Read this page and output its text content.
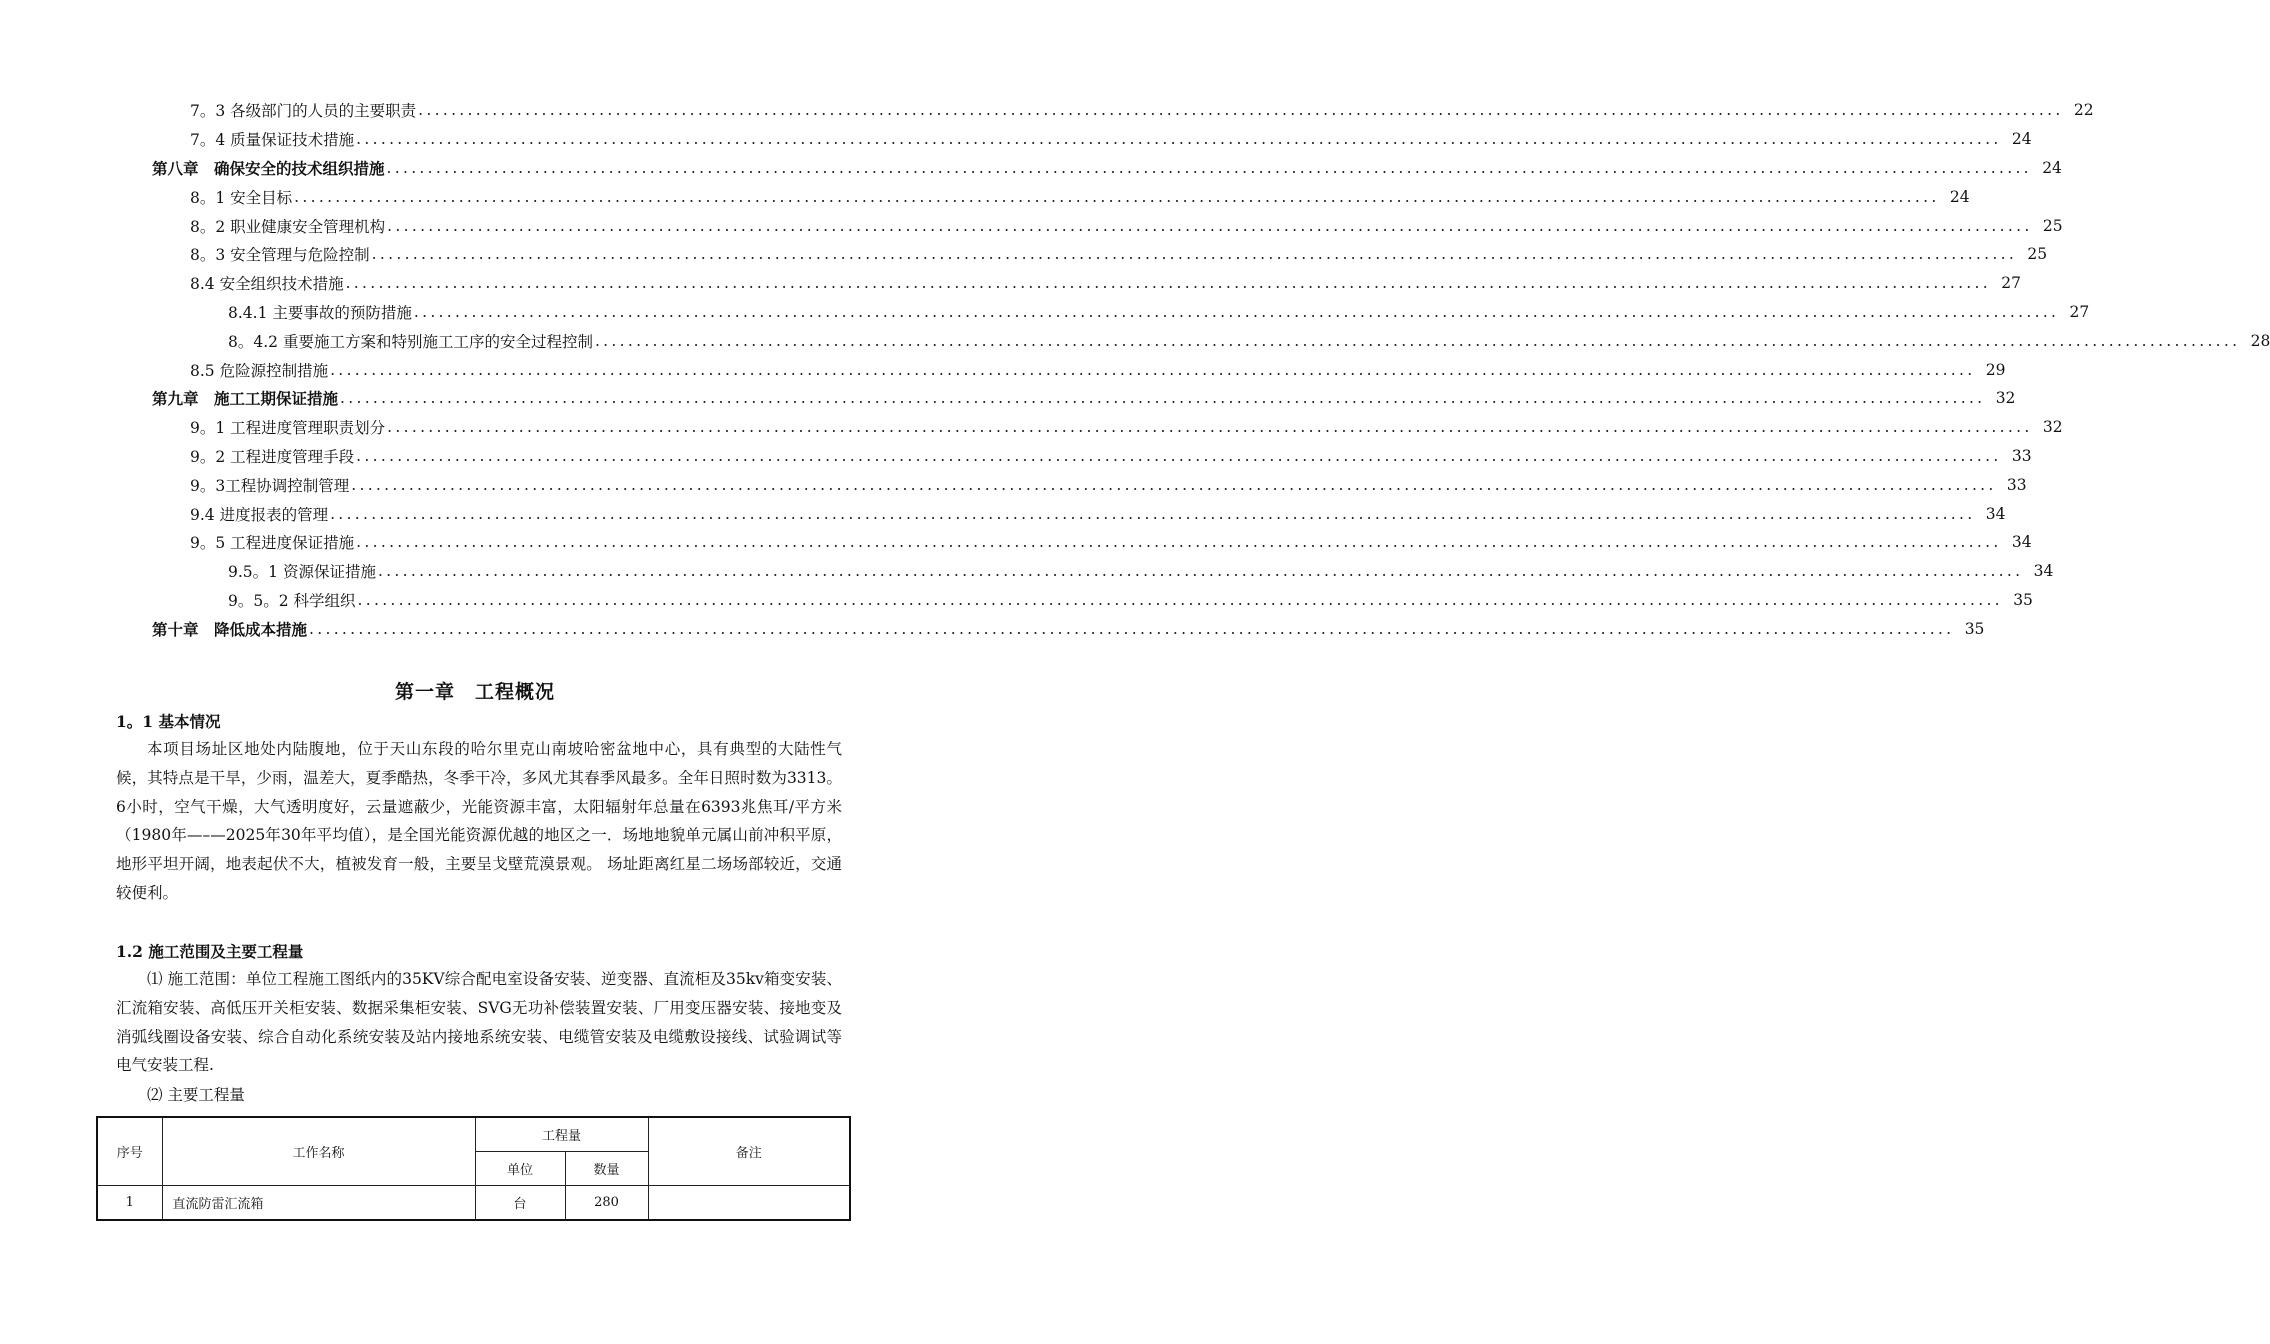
7。3 各级部门的人员的主要职责 ........................................................................................................................................................................................................ 22
7。4 质量保证技术措施 ........................................................................................................................................................................................................ 24
第八章　确保安全的技术组织措施 ........................................................................................................................................................................................................ 24
8。1 安全目标 ........................................................................................................................................................................................................ 24
8。2 职业健康安全管理机构 ........................................................................................................................................................................................................ 25
8。3 安全管理与危险控制 ........................................................................................................................................................................................................ 25
8.4 安全组织技术措施 ........................................................................................................................................................................................................ 27
8.4.1 主要事故的预防措施 ........................................................................................................................................................................................................ 27
8。4.2 重要施工方案和特别施工工序的安全过程控制 ........................................................................................................................................................................................................ 28
8.5 危险源控制措施 ........................................................................................................................................................................................................ 29
第九章　施工工期保证措施 ........................................................................................................................................................................................................ 32
9。1 工程进度管理职责划分 ........................................................................................................................................................................................................ 32
9。2 工程进度管理手段 ........................................................................................................................................................................................................ 33
9。3工程协调控制管理 ........................................................................................................................................................................................................ 33
9.4 进度报表的管理 ........................................................................................................................................................................................................ 34
9。5 工程进度保证措施 ........................................................................................................................................................................................................ 34
9.5。1 资源保证措施 ........................................................................................................................................................................................................ 34
9。5。2 科学组织 ........................................................................................................................................................................................................ 35
第十章　降低成本措施 ........................................................................................................................................................................................................ 35
第一章　工程概况
1。1 基本情况
本项目场址区地处内陆腹地，位于天山东段的哈尔里克山南坡哈密盆地中心，具有典型的大陆性气候，其特点是干旱，少雨，温差大，夏季酷热，冬季干冷，多风尤其春季风最多。全年日照时数为3313。6小时，空气干燥，大气透明度好，云量遮蔽少，光能资源丰富，太阳辐射年总量在6393兆焦耳/平方米（1980年—–—2025年30年平均值），是全国光能资源优越的地区之一．场地地貌单元属山前冲积平原，地形平坦开阔，地表起伏不大，植被发育一般，主要呈戈壁荒漠景观。 场址距离红星二场场部较近，交通较便利。
1.2 施工范围及主要工程量
⑴ 施工范围：单位工程施工图纸内的35KV综合配电室设备安装、逆变器、直流柜及35kv箱变安装、汇流箱安装、高低压开关柜安装、数据采集柜安装、SVG无功补偿装置安装、厂用变压器安装、接地变及消弧线圈设备安装、综合自动化系统安装及站内接地系统安装、电缆管安装及电缆敷设接线、试验调试等电气安装工程.
⑵ 主要工程量
序号	工作名称	工程量		备注
		单位	数量	
1	直流防雷汇流箱	台	280	
